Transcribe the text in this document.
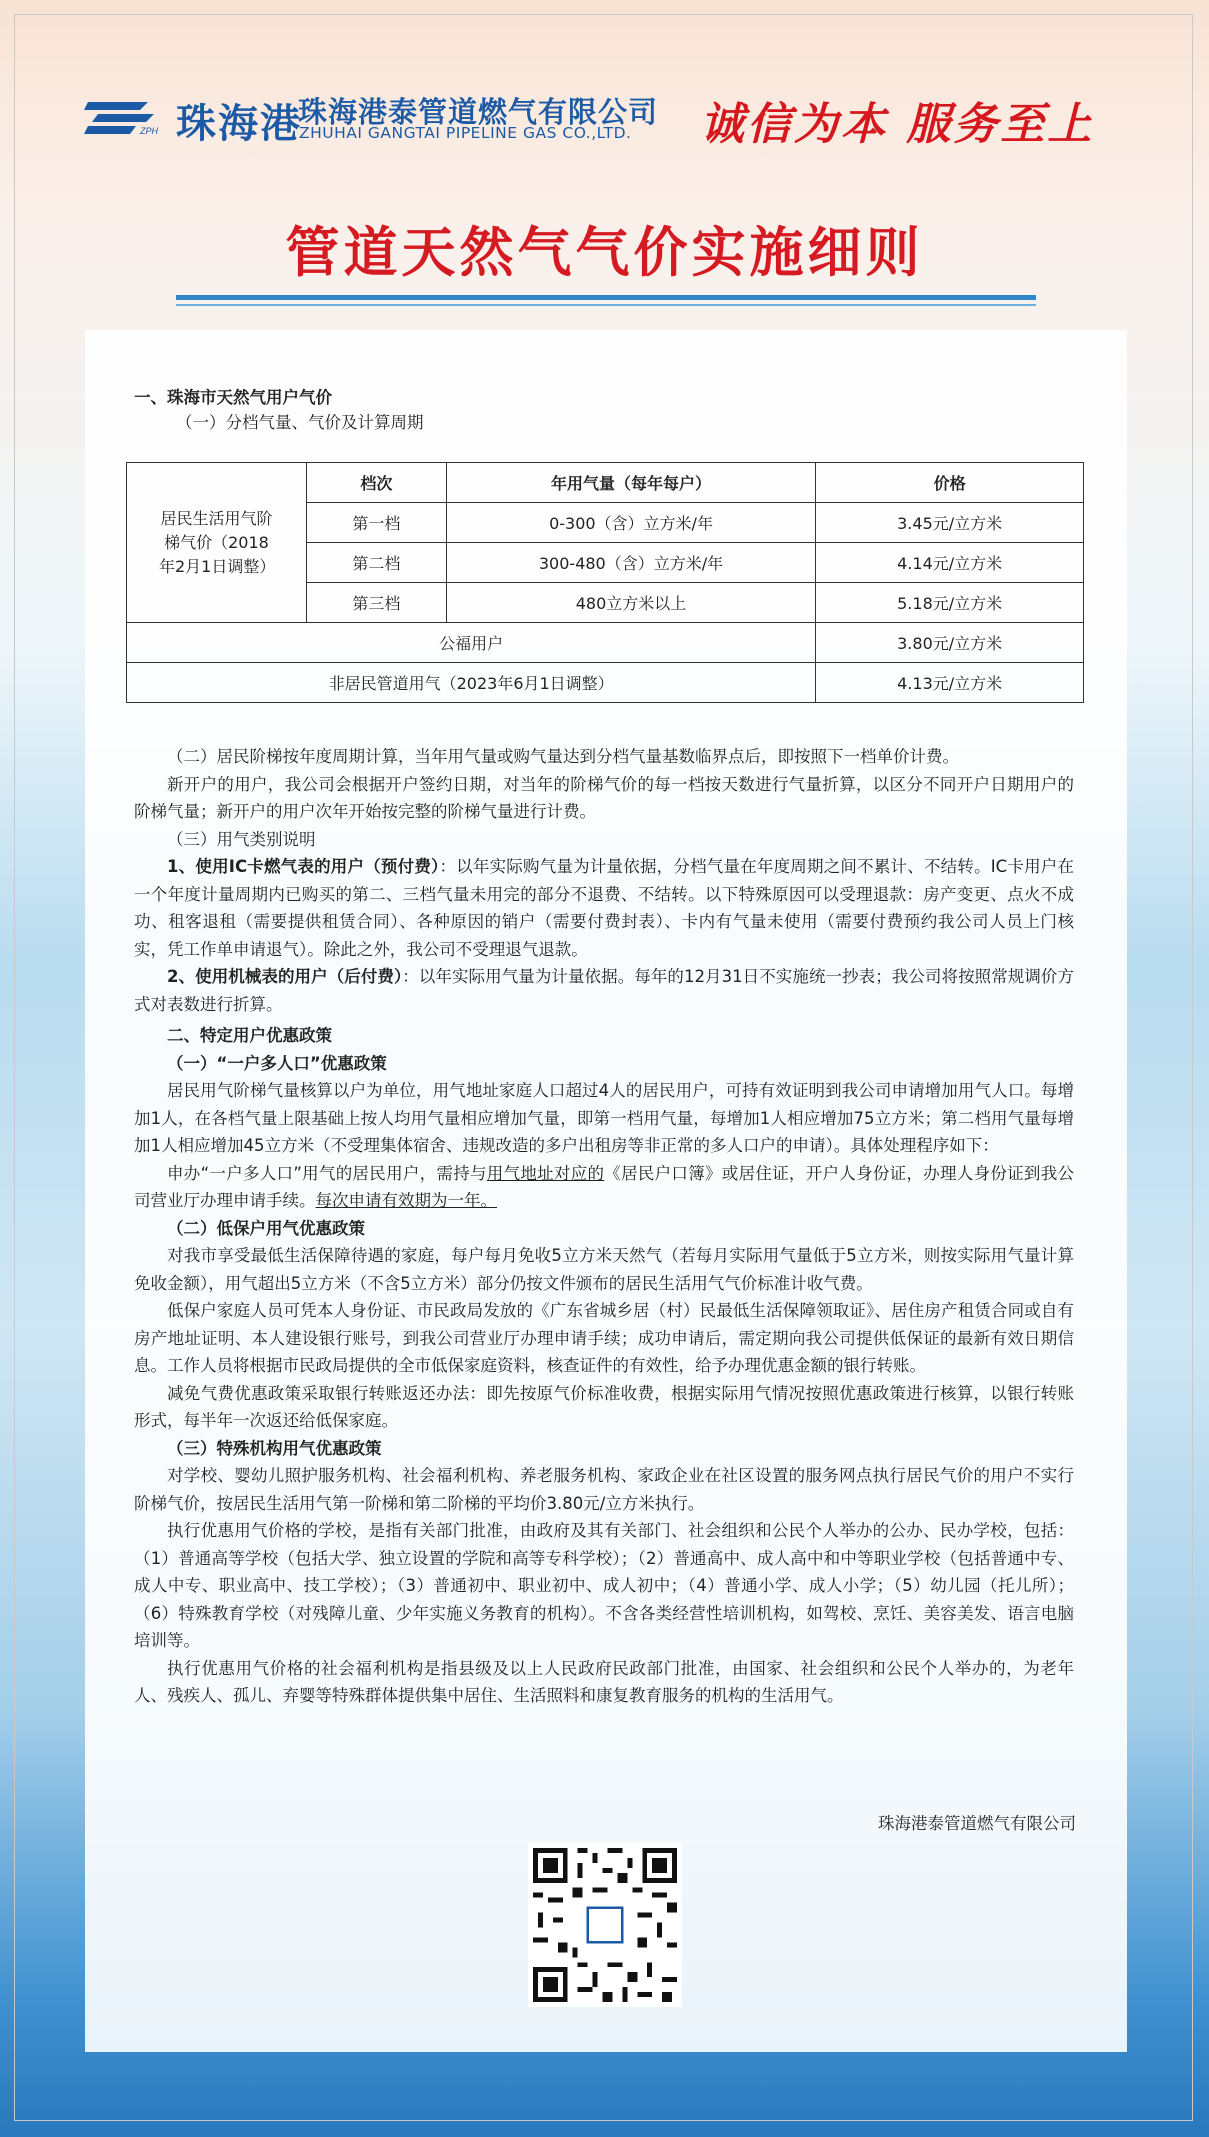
ZPH 珠海港
珠海港泰管道燃气有限公司
ZHUHAI GANGTAI PIPELINE GAS CO.,LTD. 诚信为本 服务至上
管道天然气气价实施细则
一、珠海市天然气用户气价
（一）分档气量、气价及计算周期
居民生活用气阶梯气价（2018年2月1日调整）	档次	年用气量（每年每户）	价格
	第一档	0-300（含）立方米/年	3.45元/立方米
	第二档	300-480（含）立方米/年	4.14元/立方米
	第三档	480立方米以上	5.18元/立方米
公福用户			3.80元/立方米
非居民管道用气（2023年6月1日调整）			4.13元/立方米

（二）居民阶梯按年度周期计算，当年用气量或购气量达到分档气量基数临界点后，即按照下一档单价计费。

新开户的用户，我公司会根据开户签约日期，对当年的阶梯气价的每一档按天数进行气量折算，以区分不同开户日期用户的阶梯气量；新开户的用户次年开始按完整的阶梯气量进行计费。

（三）用气类别说明

1、使用IC卡燃气表的用户（预付费）：以年实际购气量为计量依据，分档气量在年度周期之间不累计、不结转。IC卡用户在一个年度计量周期内已购买的第二、三档气量未用完的部分不退费、不结转。以下特殊原因可以受理退款：房产变更、点火不成功、租客退租（需要提供租赁合同）、各种原因的销户（需要付费封表）、卡内有气量未使用（需要付费预约我公司人员上门核实，凭工作单申请退气）。除此之外，我公司不受理退气退款。

2、使用机械表的用户（后付费）：以年实际用气量为计量依据。每年的12月31日不实施统一抄表；我公司将按照常规调价方式对表数进行折算。

二、特定用户优惠政策

（一）“一户多人口”优惠政策

居民用气阶梯气量核算以户为单位，用气地址家庭人口超过4人的居民用户，可持有效证明到我公司申请增加用气人口。每增加1人，在各档气量上限基础上按人均用气量相应增加气量，即第一档用气量，每增加1人相应增加75立方米；第二档用气量每增加1人相应增加45立方米（不受理集体宿舍、违规改造的多户出租房等非正常的多人口户的申请）。具体处理程序如下：

申办“一户多人口”用气的居民用户，需持与用气地址对应的《居民户口簿》或居住证，开户人身份证，办理人身份证到我公司营业厅办理申请手续。每次申请有效期为一年。

（二）低保户用气优惠政策

对我市享受最低生活保障待遇的家庭，每户每月免收5立方米天然气（若每月实际用气量低于5立方米，则按实际用气量计算免收金额），用气超出5立方米（不含5立方米）部分仍按文件颁布的居民生活用气气价标准计收气费。

低保户家庭人员可凭本人身份证、市民政局发放的《广东省城乡居（村）民最低生活保障领取证》、居住房产租赁合同或自有房产地址证明、本人建设银行账号，到我公司营业厅办理申请手续；成功申请后，需定期向我公司提供低保证的最新有效日期信息。工作人员将根据市民政局提供的全市低保家庭资料，核查证件的有效性，给予办理优惠金额的银行转账。

减免气费优惠政策采取银行转账返还办法：即先按原气价标准收费，根据实际用气情况按照优惠政策进行核算，以银行转账形式，每半年一次返还给低保家庭。

（三）特殊机构用气优惠政策

对学校、婴幼儿照护服务机构、社会福利机构、养老服务机构、家政企业在社区设置的服务网点执行居民气价的用户不实行阶梯气价，按居民生活用气第一阶梯和第二阶梯的平均价3.80元/立方米执行。

执行优惠用气价格的学校，是指有关部门批准，由政府及其有关部门、社会组织和公民个人举办的公办、民办学校，包括：（1）普通高等学校（包括大学、独立设置的学院和高等专科学校）；（2）普通高中、成人高中和中等职业学校（包括普通中专、成人中专、职业高中、技工学校）；（3）普通初中、职业初中、成人初中；（4）普通小学、成人小学；（5）幼儿园（托儿所）；（6）特殊教育学校（对残障儿童、少年实施义务教育的机构）。不含各类经营性培训机构，如驾校、烹饪、美容美发、语言电脑培训等。

执行优惠用气价格的社会福利机构是指县级及以上人民政府民政部门批准，由国家、社会组织和公民个人举办的，为老年人、残疾人、孤儿、弃婴等特殊群体提供集中居住、生活照料和康复教育服务的机构的生活用气。

珠海港泰管道燃气有限公司
